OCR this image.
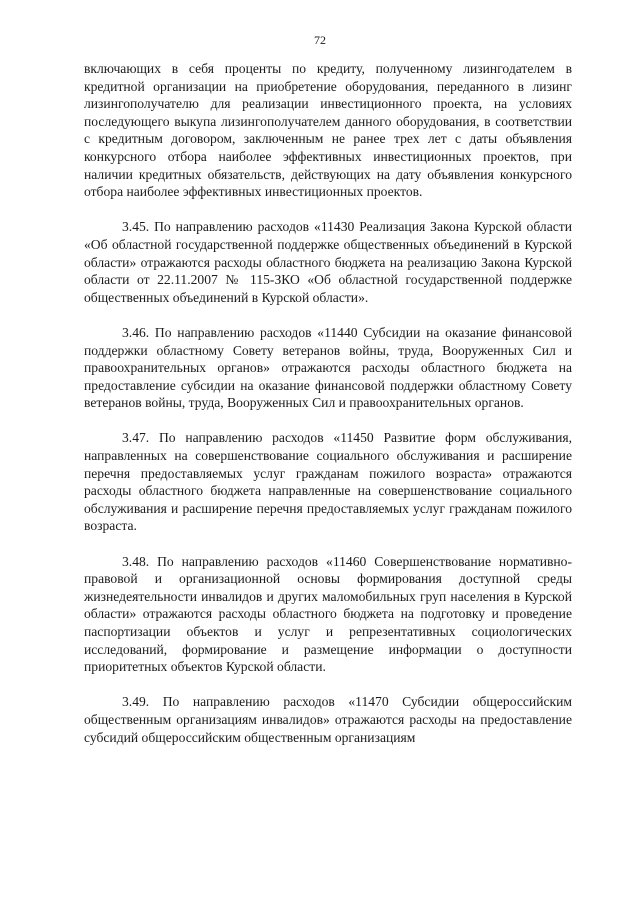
72

включающих в себя проценты по кредиту, полученному лизингодателем в кредитной организации на приобретение оборудования, переданного в лизинг лизингополучателю для реализации инвестиционного проекта, на условиях последующего выкупа лизингополучателем данного оборудования, в соответствии с кредитным договором, заключенным не ранее трех лет с даты объявления конкурсного отбора наиболее эффективных инвестиционных проектов, при наличии кредитных обязательств, действующих на дату объявления конкурсного отбора наиболее эффективных инвестиционных проектов.

3.45. По направлению расходов «11430 Реализация Закона Курской области «Об областной государственной поддержке общественных объединений в Курской области» отражаются расходы областного бюджета на реализацию Закона Курской области от 22.11.2007 № 115-ЗКО «Об областной государственной поддержке общественных объединений в Курской области».

3.46. По направлению расходов «11440 Субсидии на оказание финансовой поддержки областному Совету ветеранов войны, труда, Вооруженных Сил и правоохранительных органов» отражаются расходы областного бюджета на предоставление субсидии на оказание финансовой поддержки областному Совету ветеранов войны, труда, Вооруженных Сил и правоохранительных органов.

3.47. По направлению расходов «11450 Развитие форм обслуживания, направленных на совершенствование социального обслуживания и расширение перечня предоставляемых услуг гражданам пожилого возраста» отражаются расходы областного бюджета направленные на совершенствование социального обслуживания и расширение перечня предоставляемых услуг гражданам пожилого возраста.

3.48. По направлению расходов «11460 Совершенствование нормативно-правовой и организационной основы формирования доступной среды жизнедеятельности инвалидов и других маломобильных груп населения в Курской области» отражаются расходы областного бюджета на подготовку и проведение паспортизации объектов и услуг и репрезентативных социологических исследований, формирование и размещение информации о доступности приоритетных объектов Курской области.

3.49. По направлению расходов «11470 Субсидии общероссийским общественным организациям инвалидов» отражаются расходы на предоставление субсидий общероссийским общественным организациям
